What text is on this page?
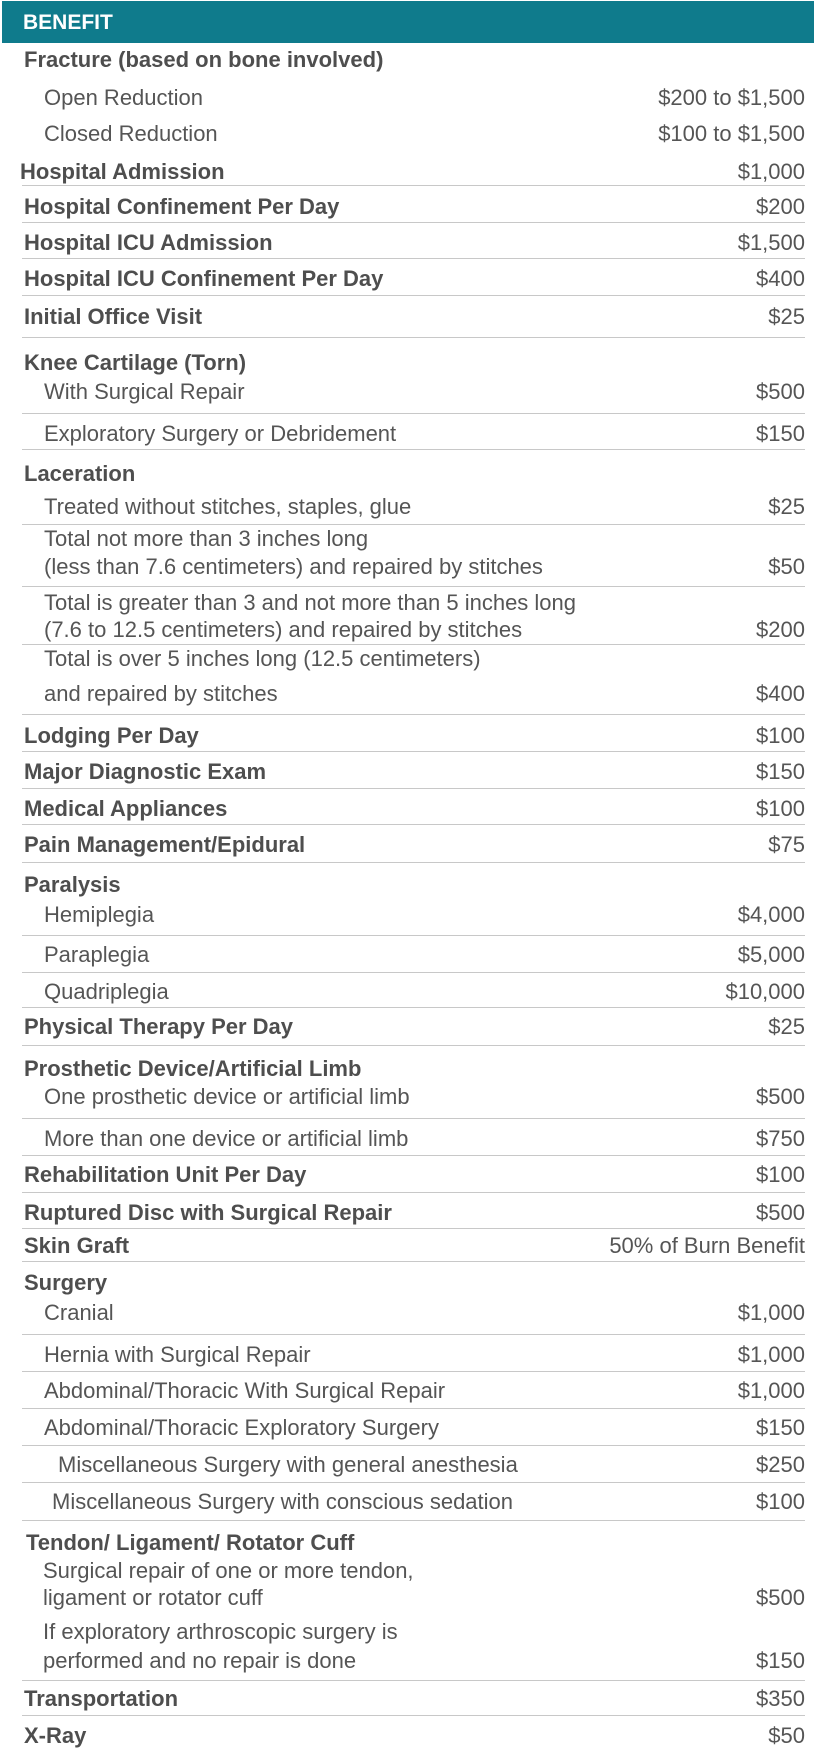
BENEFIT
Fracture (based on bone involved)
Open Reduction	$200 to $1,500
Closed Reduction	$100 to $1,500
Hospital Admission	$1,000
Hospital Confinement Per Day	$200
Hospital ICU Admission	$1,500
Hospital ICU Confinement Per Day	$400
Initial Office Visit	$25
Knee Cartilage (Torn)
With Surgical Repair	$500
Exploratory Surgery or Debridement	$150
Laceration
Treated without stitches, staples, glue	$25
Total not more than 3 inches long
(less than 7.6 centimeters) and repaired by stitches	$50
Total is greater than 3 and not more than 5 inches long
(7.6 to 12.5 centimeters) and repaired by stitches	$200
Total is over 5 inches long (12.5 centimeters)
and repaired by stitches	$400
Lodging Per Day	$100
Major Diagnostic Exam	$150
Medical Appliances	$100
Pain Management/Epidural	$75
Paralysis
Hemiplegia	$4,000
Paraplegia	$5,000
Quadriplegia	$10,000
Physical Therapy Per Day	$25
Prosthetic Device/Artificial Limb
One prosthetic device or artificial limb	$500
More than one device or artificial limb	$750
Rehabilitation Unit Per Day	$100
Ruptured Disc with Surgical Repair	$500
Skin Graft	50% of Burn Benefit
Surgery
Cranial	$1,000
Hernia with Surgical Repair	$1,000
Abdominal/Thoracic With Surgical Repair	$1,000
Abdominal/Thoracic Exploratory Surgery	$150
Miscellaneous Surgery with general anesthesia	$250
Miscellaneous Surgery with conscious sedation	$100
Tendon/ Ligament/ Rotator Cuff
Surgical repair of one or more tendon,
ligament or rotator cuff	$500
If exploratory arthroscopic surgery is
performed and no repair is done	$150
Transportation	$350
X-Ray	$50
